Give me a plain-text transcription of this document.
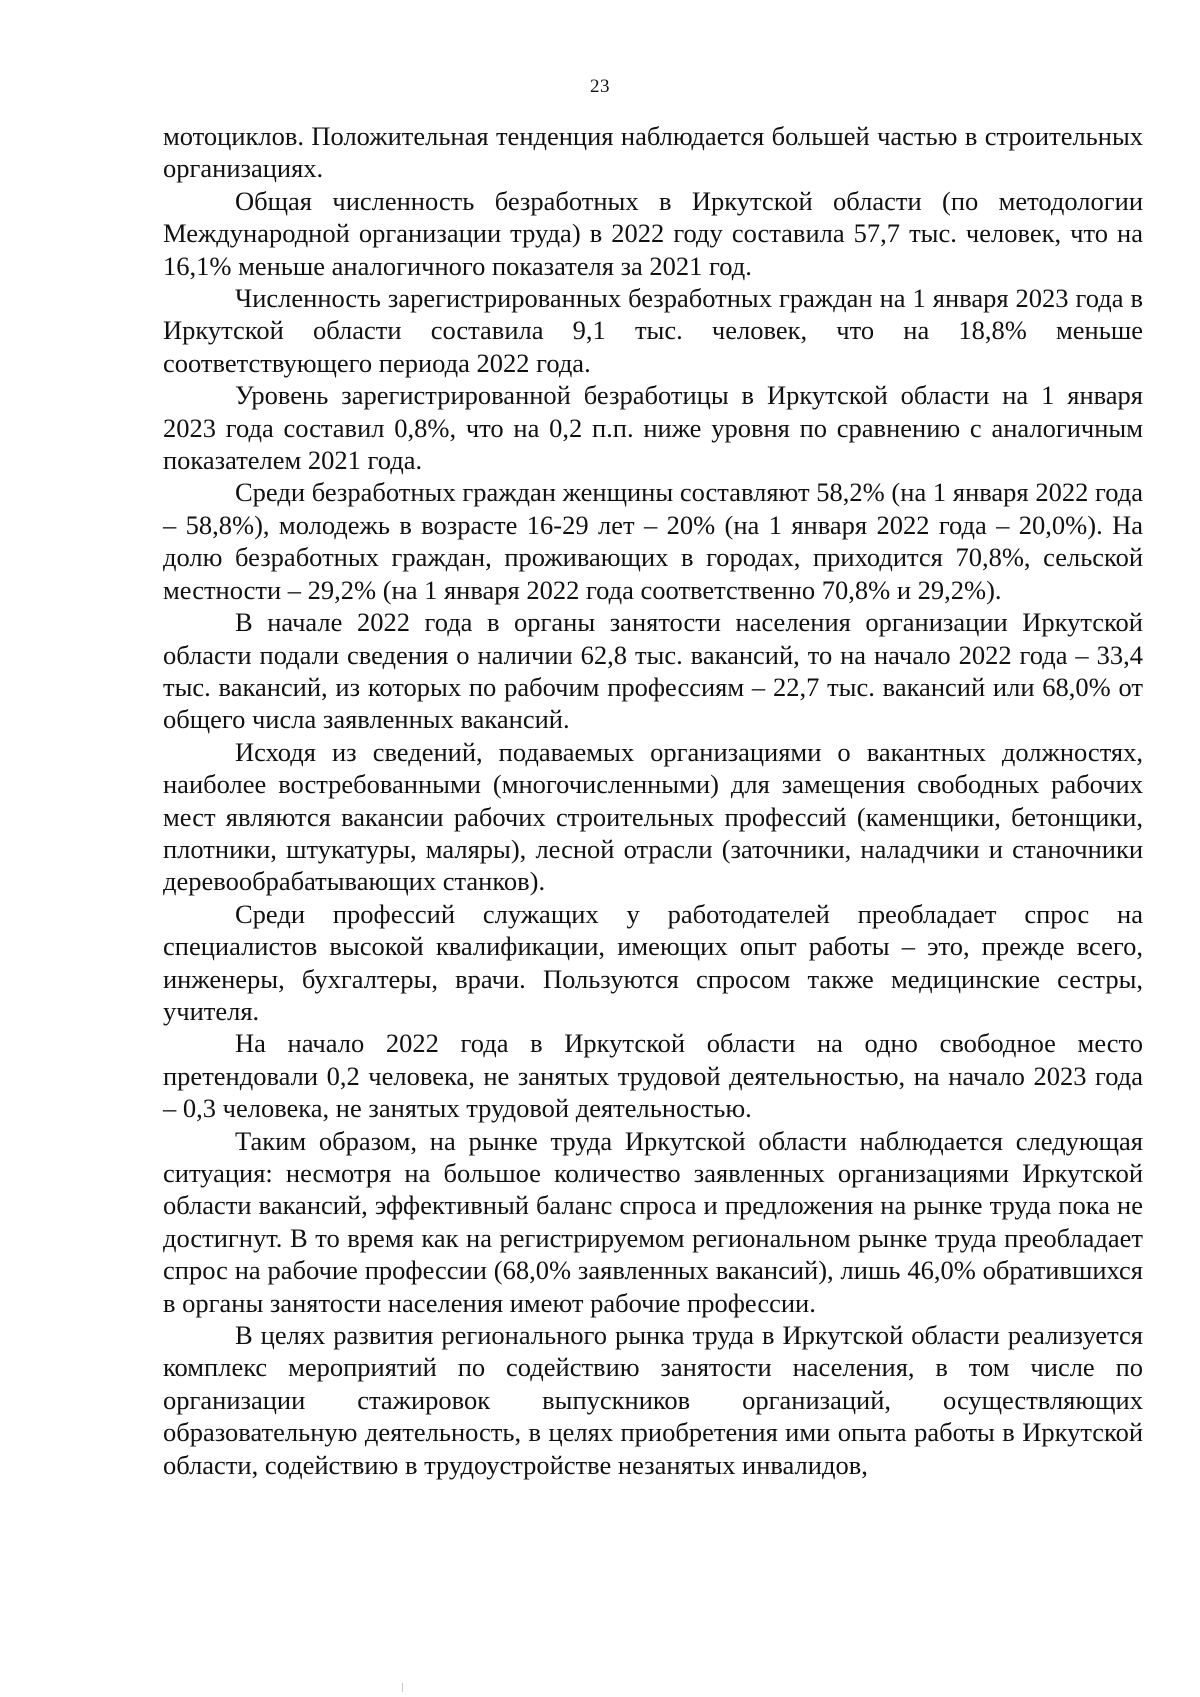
23

мотоциклов. Положительная тенденция наблюдается большей частью в строительных организациях.

Общая численность безработных в Иркутской области (по методологии Международной организации труда) в 2022 году составила 57,7 тыс. человек, что на 16,1% меньше аналогичного показателя за 2021 год.

Численность зарегистрированных безработных граждан на 1 января 2023 года в Иркутской области составила 9,1 тыс. человек, что на 18,8% меньше соответствующего периода 2022 года.

Уровень зарегистрированной безработицы в Иркутской области на 1 января 2023 года составил 0,8%, что на 0,2 п.п. ниже уровня по сравнению с аналогичным показателем 2021 года.

Среди безработных граждан женщины составляют 58,2% (на 1 января 2022 года – 58,8%), молодежь в возрасте 16-29 лет – 20% (на 1 января 2022 года – 20,0%). На долю безработных граждан, проживающих в городах, приходится 70,8%, сельской местности – 29,2% (на 1 января 2022 года соответственно 70,8% и 29,2%).

В начале 2022 года в органы занятости населения организации Иркутской области подали сведения о наличии 62,8 тыс. вакансий, то на начало 2022 года – 33,4 тыс. вакансий, из которых по рабочим профессиям – 22,7 тыс. вакансий или 68,0% от общего числа заявленных вакансий.

Исходя из сведений, подаваемых организациями о вакантных должностях, наиболее востребованными (многочисленными) для замещения свободных рабочих мест являются вакансии рабочих строительных профессий (каменщики, бетонщики, плотники, штукатуры, маляры), лесной отрасли (заточники, наладчики и станочники деревообрабатывающих станков).

Среди профессий служащих у работодателей преобладает спрос на специалистов высокой квалификации, имеющих опыт работы – это, прежде всего, инженеры, бухгалтеры, врачи. Пользуются спросом также медицинские сестры, учителя.

На начало 2022 года в Иркутской области на одно свободное место претендовали 0,2 человека, не занятых трудовой деятельностью, на начало 2023 года – 0,3 человека, не занятых трудовой деятельностью.

Таким образом, на рынке труда Иркутской области наблюдается следующая ситуация: несмотря на большое количество заявленных организациями Иркутской области вакансий, эффективный баланс спроса и предложения на рынке труда пока не достигнут. В то время как на регистрируемом региональном рынке труда преобладает спрос на рабочие профессии (68,0% заявленных вакансий), лишь 46,0% обратившихся в органы занятости населения имеют рабочие профессии.

В целях развития регионального рынка труда в Иркутской области реализуется комплекс мероприятий по содействию занятости населения, в том числе по организации стажировок выпускников организаций, осуществляющих образовательную деятельность, в целях приобретения ими опыта работы в Иркутской области, содействию в трудоустройстве незанятых инвалидов,
